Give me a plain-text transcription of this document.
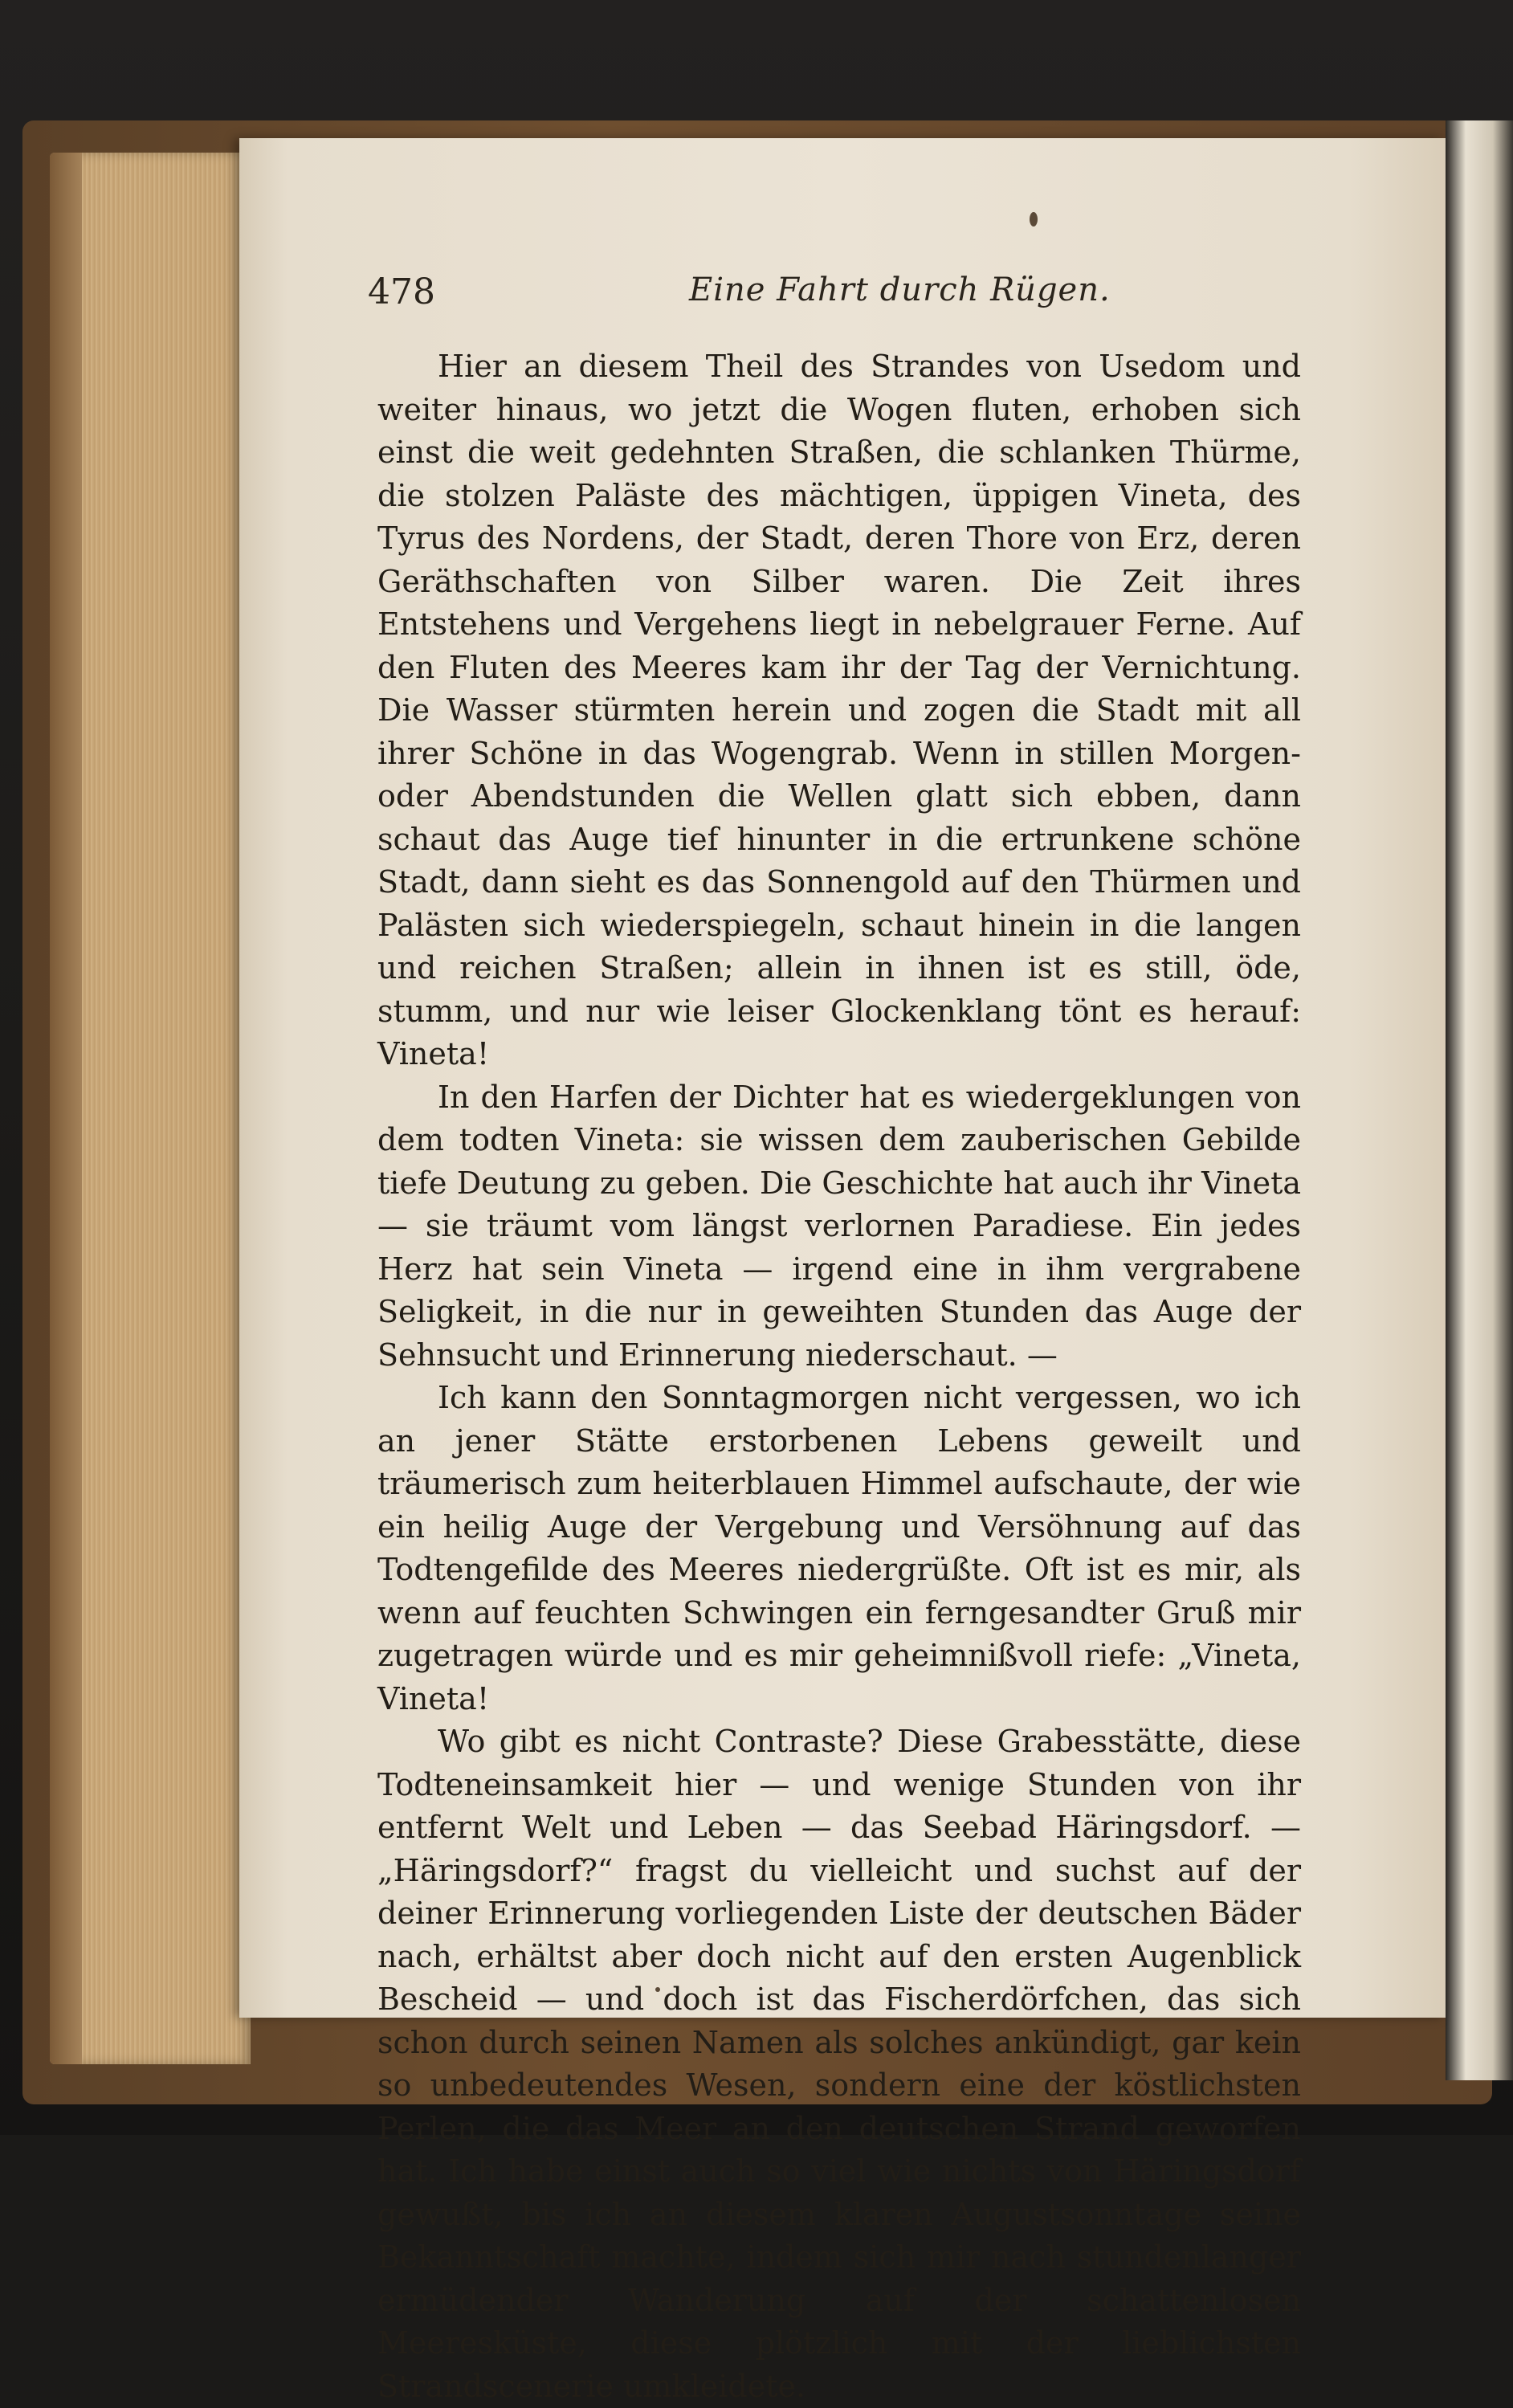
478	Eine Fahrt durch Rügen.

Hier an diesem Theil des Strandes von Usedom und weiter hinaus, wo jetzt die Wogen fluten, erhoben sich einst die weit gedehnten Straßen, die schlanken Thürme, die stolzen Paläste des mächtigen, üppigen Vineta, des Tyrus des Nordens, der Stadt, deren Thore von Erz, deren Geräthschaften von Silber waren. Die Zeit ihres Entstehens und Vergehens liegt in nebelgrauer Ferne. Auf den Fluten des Meeres kam ihr der Tag der Vernichtung. Die Wasser stürmten herein und zogen die Stadt mit all ihrer Schöne in das Wogengrab. Wenn in stillen Morgen- oder Abendstunden die Wellen glatt sich ebben, dann schaut das Auge tief hinunter in die ertrunkene schöne Stadt, dann sieht es das Sonnengold auf den Thürmen und Palästen sich wiederspiegeln, schaut hinein in die langen und reichen Straßen; allein in ihnen ist es still, öde, stumm, und nur wie leiser Glockenklang tönt es herauf: Vineta!

In den Harfen der Dichter hat es wiedergeklungen von dem todten Vineta: sie wissen dem zauberischen Gebilde tiefe Deutung zu geben. Die Geschichte hat auch ihr Vineta — sie träumt vom längst verlornen Paradiese. Ein jedes Herz hat sein Vineta — irgend eine in ihm vergrabene Seligkeit, in die nur in geweihten Stunden das Auge der Sehnsucht und Erinnerung niederschaut. —

Ich kann den Sonntagmorgen nicht vergessen, wo ich an jener Stätte erstorbenen Lebens geweilt und träumerisch zum heiterblauen Himmel aufschaute, der wie ein heilig Auge der Vergebung und Versöhnung auf das Todtengefilde des Meeres niedergrüßte. Oft ist es mir, als wenn auf feuchten Schwingen ein ferngesandter Gruß mir zugetragen würde und es mir geheimnißvoll riefe: „Vineta, Vineta!

Wo gibt es nicht Contraste? Diese Grabesstätte, diese Todteneinsamkeit hier — und wenige Stunden von ihr entfernt Welt und Leben — das Seebad Häringsdorf. — „Häringsdorf?“ fragst du vielleicht und suchst auf der deiner Erinnerung vorliegenden Liste der deutschen Bäder nach, erhältst aber doch nicht auf den ersten Augenblick Bescheid — und doch ist das Fischerdörfchen, das sich schon durch seinen Namen als solches ankündigt, gar kein so unbedeutendes Wesen, sondern eine der köstlichsten Perlen, die das Meer an den deutschen Strand geworfen hat. Ich habe einst auch so viel wie nichts von Häringsdorf gewußt, bis ich an diesem klaren Augustsonntage seine Bekanntschaft machte, indem sich mir nach stundenlanger ermüdender Wanderung auf der schattenlosen Meeresküste, diese plötzlich mit der lieblichsten Strandscenerie umkleidete.
